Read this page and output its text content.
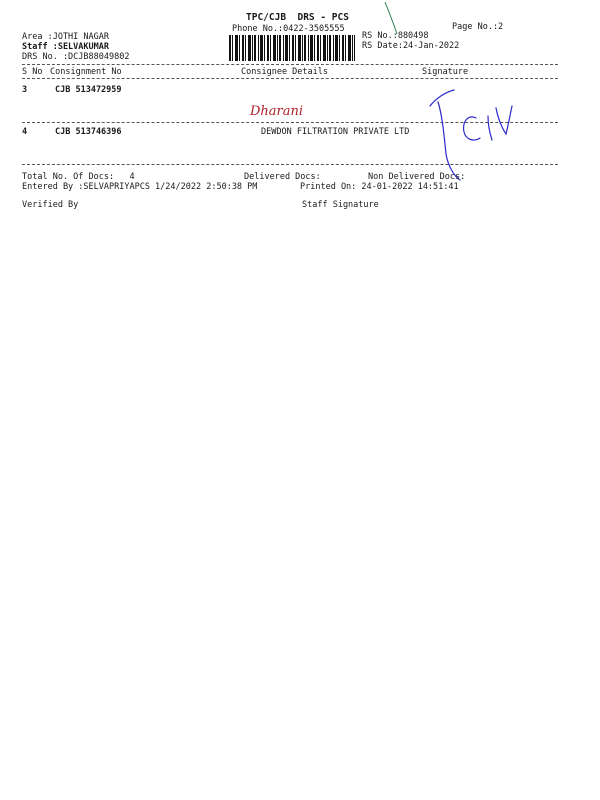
TPC/CJB  DRS - PCS
Phone No.:0422-3505555	Page No.:2
Area :JOTHI NAGAR
Staff :SELVAKUMAR
DRS No. :DCJB88049802
RS No.:880498
RS Date:24-Jan-2022
S No Consignment No	Consignee Details	Signature
3	CJB 513472959
4	CJB 513746396	DEWDON FILTRATION PRIVATE LTD
Dharani
Total No. Of Docs:   4	Delivered Docs:	Non Delivered Docs:
Entered By :SELVAPRIYAPCS 1/24/2022 2:50:38 PM	Printed On: 24-01-2022 14:51:41
Verified By	Staff Signature
